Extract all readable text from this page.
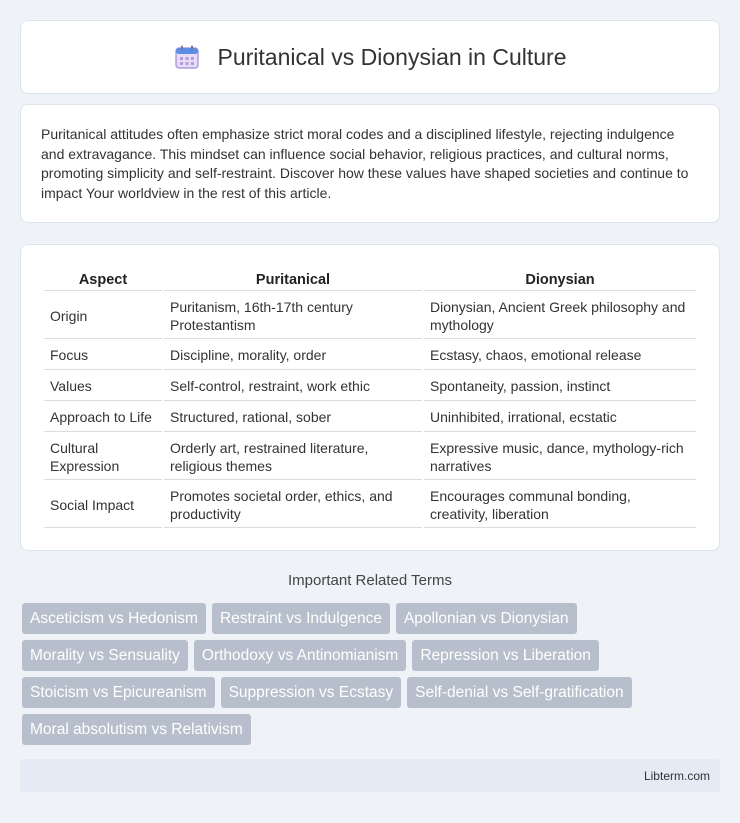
Puritanical vs Dionysian in Culture

Puritanical attitudes often emphasize strict moral codes and a disciplined lifestyle, rejecting indulgence and extravagance. This mindset can influence social behavior, religious practices, and cultural norms, promoting simplicity and self-restraint. Discover how these values have shaped societies and continue to impact Your worldview in the rest of this article.

Aspect	Puritanical	Dionysian
Origin	Puritanism, 16th-17th century Protestantism	Dionysian, Ancient Greek philosophy and mythology
Focus	Discipline, morality, order	Ecstasy, chaos, emotional release
Values	Self-control, restraint, work ethic	Spontaneity, passion, instinct
Approach to Life	Structured, rational, sober	Uninhibited, irrational, ecstatic
Cultural Expression	Orderly art, restrained literature, religious themes	Expressive music, dance, mythology-rich narratives
Social Impact	Promotes societal order, ethics, and productivity	Encourages communal bonding, creativity, liberation
Important Related Terms
Asceticism vs Hedonism	Restraint vs Indulgence	Apollonian vs Dionysian
Morality vs Sensuality	Orthodoxy vs Antinomianism	Repression vs Liberation
Stoicism vs Epicureanism	Suppression vs Ecstasy	Self-denial vs Self-gratification
Moral absolutism vs Relativism
Libterm.com
